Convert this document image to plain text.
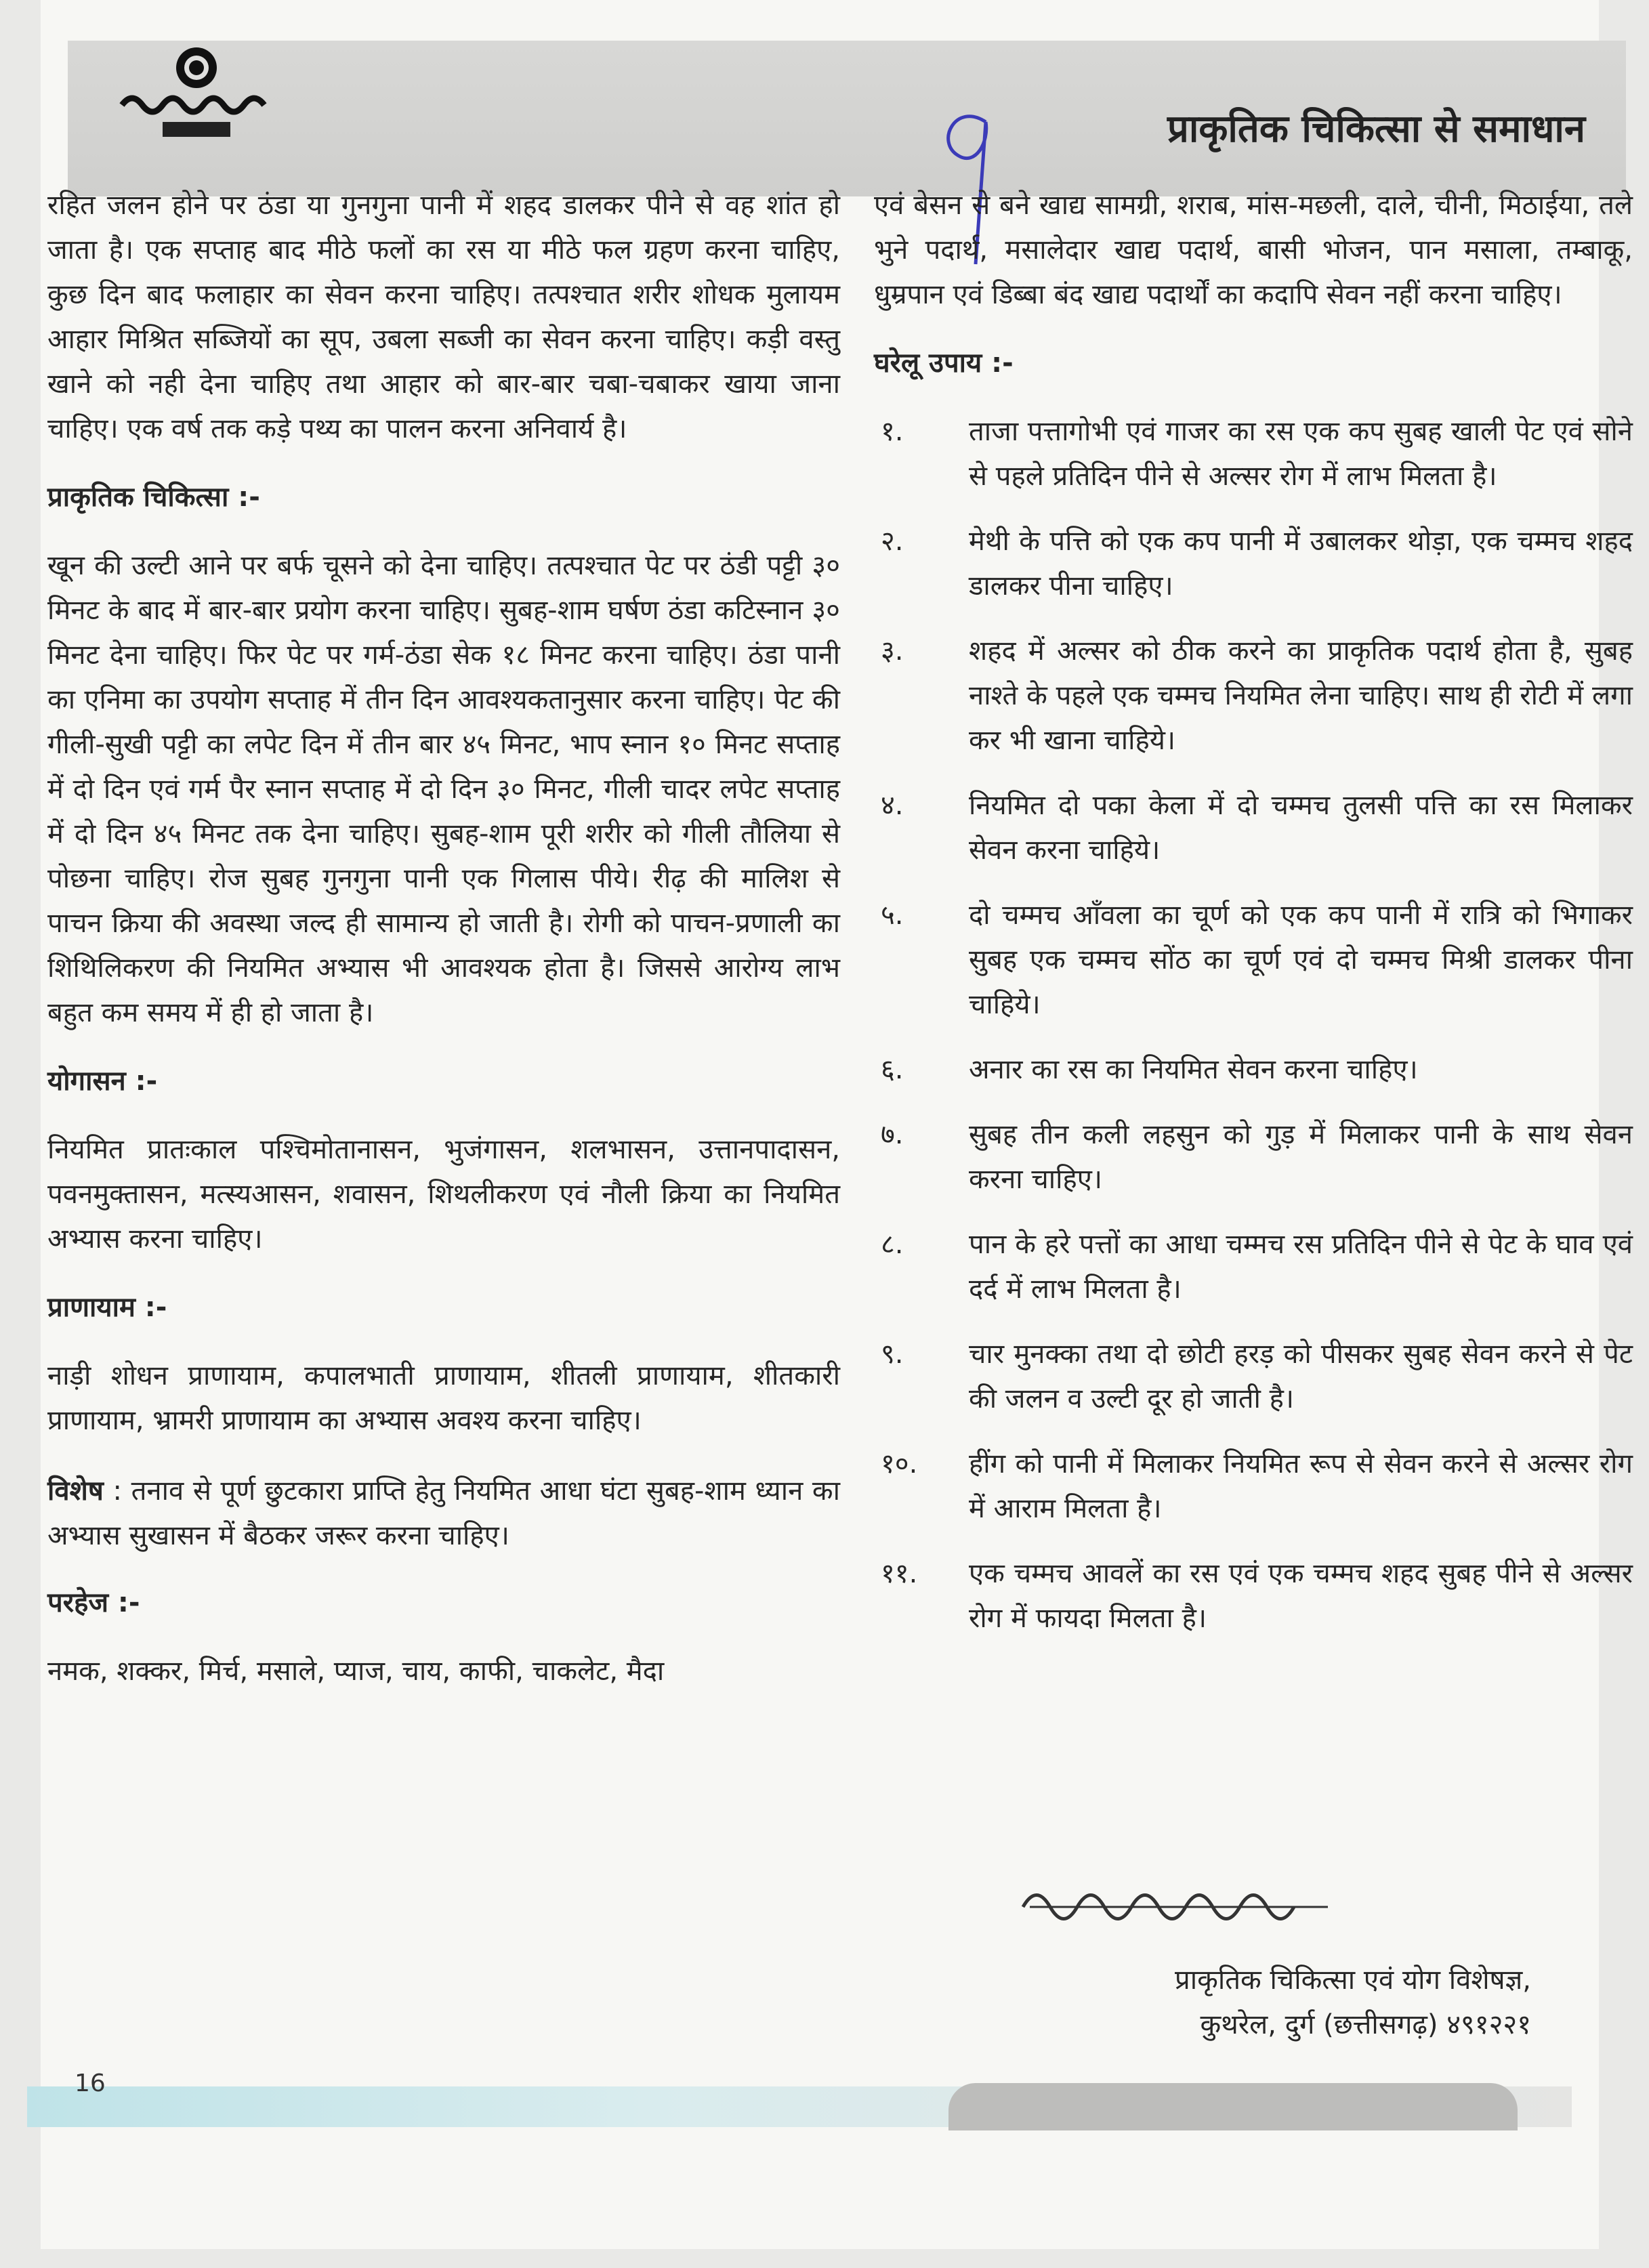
प्राकृतिक चिकित्सा से समाधान

रहित जलन होने पर ठंडा या गुनगुना पानी में शहद डालकर पीने से वह शांत हो जाता है। एक सप्ताह बाद मीठे फलों का रस या मीठे फल ग्रहण करना चाहिए, कुछ दिन बाद फलाहार का सेवन करना चाहिए। तत्पश्चात शरीर शोधक मुलायम आहार मिश्रित सब्जियों का सूप, उबला सब्जी का सेवन करना चाहिए। कड़ी वस्तु खाने को नही देना चाहिए तथा आहार को बार-बार चबा-चबाकर खाया जाना चाहिए। एक वर्ष तक कड़े पथ्य का पालन करना अनिवार्य है।

प्राकृतिक चिकित्सा :-

खून की उल्टी आने पर बर्फ चूसने को देना चाहिए। तत्पश्चात पेट पर ठंडी पट्टी ३० मिनट के बाद में बार-बार प्रयोग करना चाहिए। सुबह-शाम घर्षण ठंडा कटिस्नान ३० मिनट देना चाहिए। फिर पेट पर गर्म-ठंडा सेक १८ मिनट करना चाहिए। ठंडा पानी का एनिमा का उपयोग सप्ताह में तीन दिन आवश्यकतानुसार करना चाहिए। पेट की गीली-सुखी पट्टी का लपेट दिन में तीन बार ४५ मिनट, भाप स्नान १० मिनट सप्ताह में दो दिन एवं गर्म पैर स्नान सप्ताह में दो दिन ३० मिनट, गीली चादर लपेट सप्ताह में दो दिन ४५ मिनट तक देना चाहिए। सुबह-शाम पूरी शरीर को गीली तौलिया से पोछना चाहिए। रोज सुबह गुनगुना पानी एक गिलास पीये। रीढ़ की मालिश से पाचन क्रिया की अवस्था जल्द ही सामान्य हो जाती है। रोगी को पाचन-प्रणाली का शिथिलिकरण की नियमित अभ्यास भी आवश्यक होता है। जिससे आरोग्य लाभ बहुत कम समय में ही हो जाता है।

योगासन :-

नियमित प्रातःकाल पश्चिमोतानासन, भुजंगासन, शलभासन, उत्तानपादासन, पवनमुक्तासन, मत्स्यआसन, शवासन, शिथलीकरण एवं नौली क्रिया का नियमित अभ्यास करना चाहिए।

प्राणायाम :-

नाड़ी शोधन प्राणायाम, कपालभाती प्राणायाम, शीतली प्राणायाम, शीतकारी प्राणायाम, भ्रामरी प्राणायाम का अभ्यास अवश्य करना चाहिए।

विशेष : तनाव से पूर्ण छुटकारा प्राप्ति हेतु नियमित आधा घंटा सुबह-शाम ध्यान का अभ्यास सुखासन में बैठकर जरूर करना चाहिए।

परहेज :-

नमक, शक्कर, मिर्च, मसाले, प्याज, चाय, काफी, चाकलेट, मैदा

एवं बेसन से बने खाद्य सामग्री, शराब, मांस-मछली, दाले, चीनी, मिठाईया, तले भुने पदार्थ, मसालेदार खाद्य पदार्थ, बासी भोजन, पान मसाला, तम्बाकू, धुम्रपान एवं डिब्बा बंद खाद्य पदार्थों का कदापि सेवन नहीं करना चाहिए।

घरेलू उपाय :-
१.	ताजा पत्तागोभी एवं गाजर का रस एक कप सुबह खाली पेट एवं सोने से पहले प्रतिदिन पीने से अल्सर रोग में लाभ मिलता है।
२.	मेथी के पत्ति को एक कप पानी में उबालकर थोड़ा, एक चम्मच शहद डालकर पीना चाहिए।
३.	शहद में अल्सर को ठीक करने का प्राकृतिक पदार्थ होता है, सुबह नाश्ते के पहले एक चम्मच नियमित लेना चाहिए। साथ ही रोटी में लगा कर भी खाना चाहिये।
४.	नियमित दो पका केला में दो चम्मच तुलसी पत्ति का रस मिलाकर सेवन करना चाहिये।
५.	दो चम्मच आँवला का चूर्ण को एक कप पानी में रात्रि को भिगाकर सुबह एक चम्मच सोंठ का चूर्ण एवं दो चम्मच मिश्री डालकर पीना चाहिये।
६.	अनार का रस का नियमित सेवन करना चाहिए।
७.	सुबह तीन कली लहसुन को गुड़ में मिलाकर पानी के साथ सेवन करना चाहिए।
८.	पान के हरे पत्तों का आधा चम्मच रस प्रतिदिन पीने से पेट के घाव एवं दर्द में लाभ मिलता है।
९.	चार मुनक्का तथा दो छोटी हरड़ को पीसकर सुबह सेवन करने से पेट की जलन व उल्टी दूर हो जाती है।
१०.	हींग को पानी में मिलाकर नियमित रूप से सेवन करने से अल्सर रोग में आराम मिलता है।
११.	एक चम्मच आवलें का रस एवं एक चम्मच शहद सुबह पीने से अल्सर रोग में फायदा मिलता है।
प्राकृतिक चिकित्सा एवं योग विशेषज्ञ,
कुथरेल, दुर्ग (छत्तीसगढ़) ४९१२२१
16
